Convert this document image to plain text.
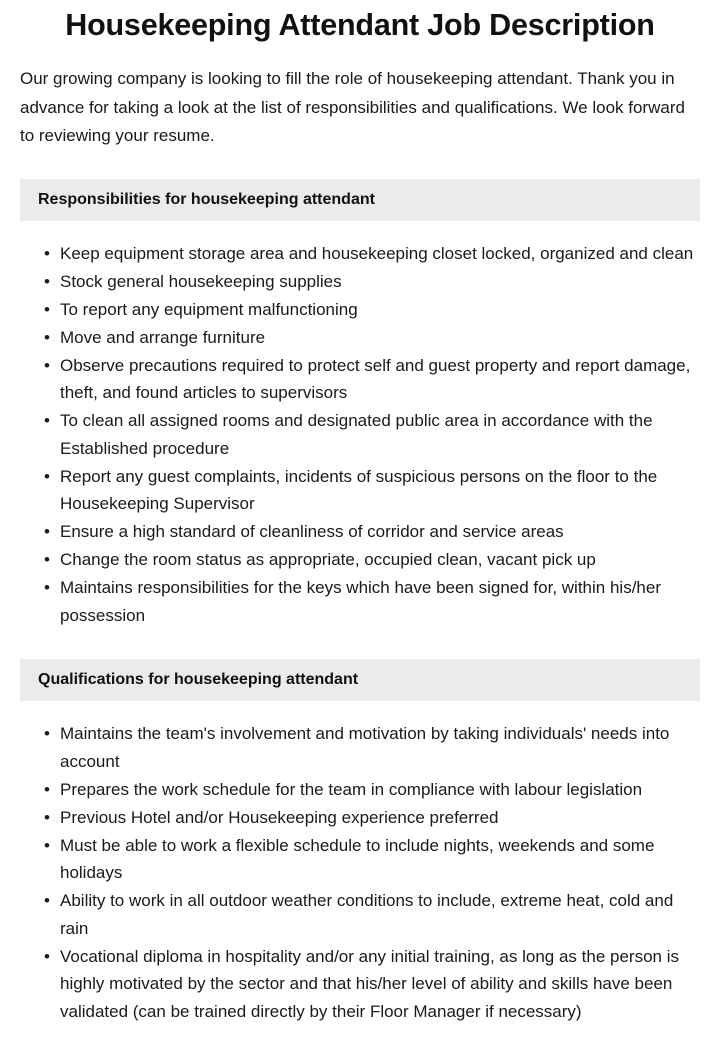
Housekeeping Attendant Job Description

Our growing company is looking to fill the role of housekeeping attendant. Thank you in advance for taking a look at the list of responsibilities and qualifications. We look forward to reviewing your resume.

Responsibilities for housekeeping attendant
• Keep equipment storage area and housekeeping closet locked, organized and clean
• Stock general housekeeping supplies
• To report any equipment malfunctioning
• Move and arrange furniture
• Observe precautions required to protect self and guest property and report damage, theft, and found articles to supervisors
• To clean all assigned rooms and designated public area in accordance with the Established procedure
• Report any guest complaints, incidents of suspicious persons on the floor to the Housekeeping Supervisor
• Ensure a high standard of cleanliness of corridor and service areas
• Change the room status as appropriate, occupied clean, vacant pick up
• Maintains responsibilities for the keys which have been signed for, within his/her possession
Qualifications for housekeeping attendant
• Maintains the team's involvement and motivation by taking individuals' needs into account
• Prepares the work schedule for the team in compliance with labour legislation
• Previous Hotel and/or Housekeeping experience preferred
• Must be able to work a flexible schedule to include nights, weekends and some holidays
• Ability to work in all outdoor weather conditions to include, extreme heat, cold and rain
• Vocational diploma in hospitality and/or any initial training, as long as the person is highly motivated by the sector and that his/her level of ability and skills have been validated (can be trained directly by their Floor Manager if necessary)
